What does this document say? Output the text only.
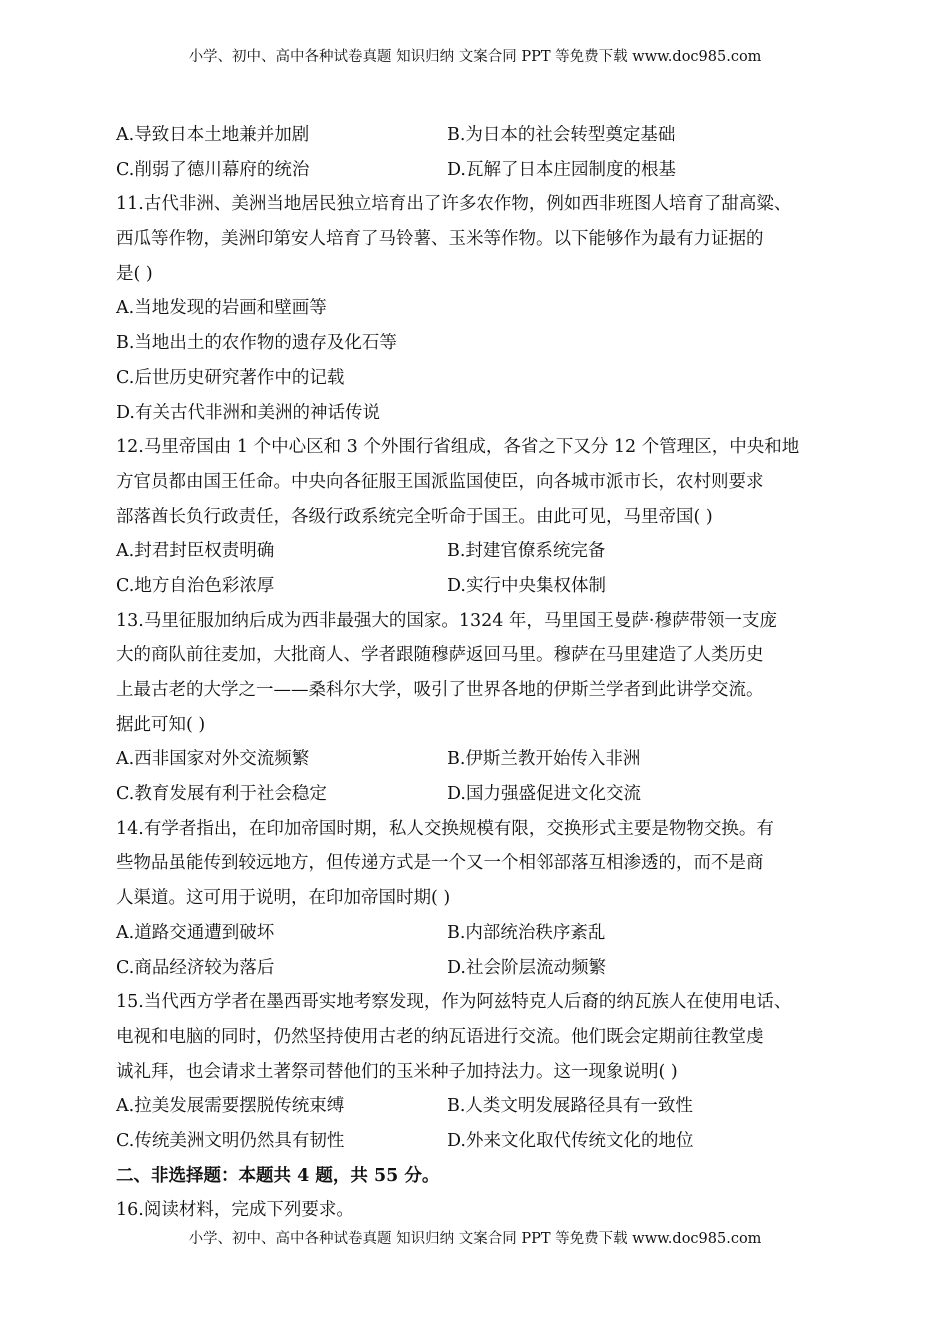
小学、初中、高中各种试卷真题 知识归纳 文案合同 PPT 等免费下载 www.doc985.com
A.导致日本土地兼并加剧	B.为日本的社会转型奠定基础
C.削弱了德川幕府的统治	D.瓦解了日本庄园制度的根基
11.古代非洲、美洲当地居民独立培育出了许多农作物，例如西非班图人培育了甜高粱、
西瓜等作物，美洲印第安人培育了马铃薯、玉米等作物。以下能够作为最有力证据的
是( )
A.当地发现的岩画和壁画等
B.当地出土的农作物的遗存及化石等
C.后世历史研究著作中的记载
D.有关古代非洲和美洲的神话传说
12.马里帝国由 1 个中心区和 3 个外围行省组成，各省之下又分 12 个管理区，中央和地
方官员都由国王任命。中央向各征服王国派监国使臣，向各城市派市长，农村则要求
部落酋长负行政责任，各级行政系统完全听命于国王。由此可见，马里帝国( )
A.封君封臣权责明确	B.封建官僚系统完备
C.地方自治色彩浓厚	D.实行中央集权体制
13.马里征服加纳后成为西非最强大的国家。1324 年，马里国王曼萨·穆萨带领一支庞
大的商队前往麦加，大批商人、学者跟随穆萨返回马里。穆萨在马里建造了人类历史
上最古老的大学之一——桑科尔大学，吸引了世界各地的伊斯兰学者到此讲学交流。
据此可知( )
A.西非国家对外交流频繁	B.伊斯兰教开始传入非洲
C.教育发展有利于社会稳定	D.国力强盛促进文化交流
14.有学者指出，在印加帝国时期，私人交换规模有限，交换形式主要是物物交换。有
些物品虽能传到较远地方，但传递方式是一个又一个相邻部落互相渗透的，而不是商
人渠道。这可用于说明，在印加帝国时期( )
A.道路交通遭到破坏	B.内部统治秩序紊乱
C.商品经济较为落后	D.社会阶层流动频繁
15.当代西方学者在墨西哥实地考察发现，作为阿兹特克人后裔的纳瓦族人在使用电话、
电视和电脑的同时，仍然坚持使用古老的纳瓦语进行交流。他们既会定期前往教堂虔
诚礼拜，也会请求土著祭司替他们的玉米种子加持法力。这一现象说明( )
A.拉美发展需要摆脱传统束缚	B.人类文明发展路径具有一致性
C.传统美洲文明仍然具有韧性	D.外来文化取代传统文化的地位
二、非选择题：本题共 4 题，共 55 分。
16.阅读材料，完成下列要求。
小学、初中、高中各种试卷真题 知识归纳 文案合同 PPT 等免费下载 www.doc985.com
